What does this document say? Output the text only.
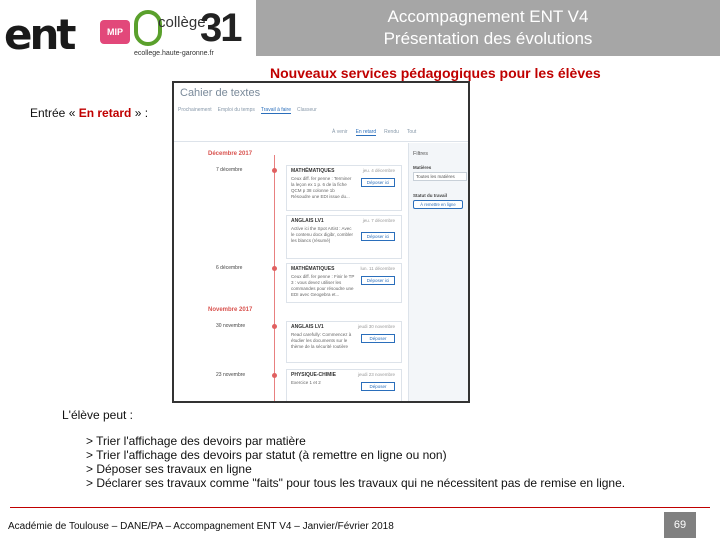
ent	MIP
collège
31
ecollege.haute-garonne.fr
Accompagnement ENT V4
Présentation des évolutions
Nouveaux services pédagogiques pour les élèves
Entrée « En retard » :
Cahier de textes
Prochainement Emploi du temps Travail à faire Classeur
À venir En retard Rendu Tout
Décembre 2017
Novembre 2017
7 décembre	MATHÉMATIQUES
Ceux diff. fer penne : Terminer la leçon ex 1 p. 6 de la fiche QCM p 38 colonne 1b Résoudre une EDI issue du...
jeu. 4 décembre
Déposer ici
ANGLAIS LV1
Active ici the Spot Artist : Avec le contenu docx digibr, combler les blancs (résumé)
jeu. 7 décembre
Déposer ici
6 décembre	MATHÉMATIQUES
Ceux diff. fer penne : Finir le TP 3 : vous devez utiliser les commandes pour résoudre une EDI avec Geogebra et...
lun. 11 décembre
Déposer ici
30 novembre	ANGLAIS LV1
Read carefully: Commencez à étudier les documents sur le thème de la sécurité routière
jeudi 30 novembre
Déposer
23 novembre	PHYSIQUE-CHIMIE
Exercice 1 et 2
jeudi 23 novembre
Déposer
Filtres
Matières
Toutes les matières
Statut du travail
À remettre en ligne
L'élève peut :
> Trier l'affichage des devoirs par matière
> Trier l'affichage des devoirs par statut (à remettre en ligne ou non)
> Déposer ses travaux en ligne
> Déclarer ses travaux comme "faits" pour tous les travaux qui ne nécessitent pas de remise en ligne.
Académie de Toulouse – DANE/PA – Accompagnement ENT V4 – Janvier/Février 2018	69
